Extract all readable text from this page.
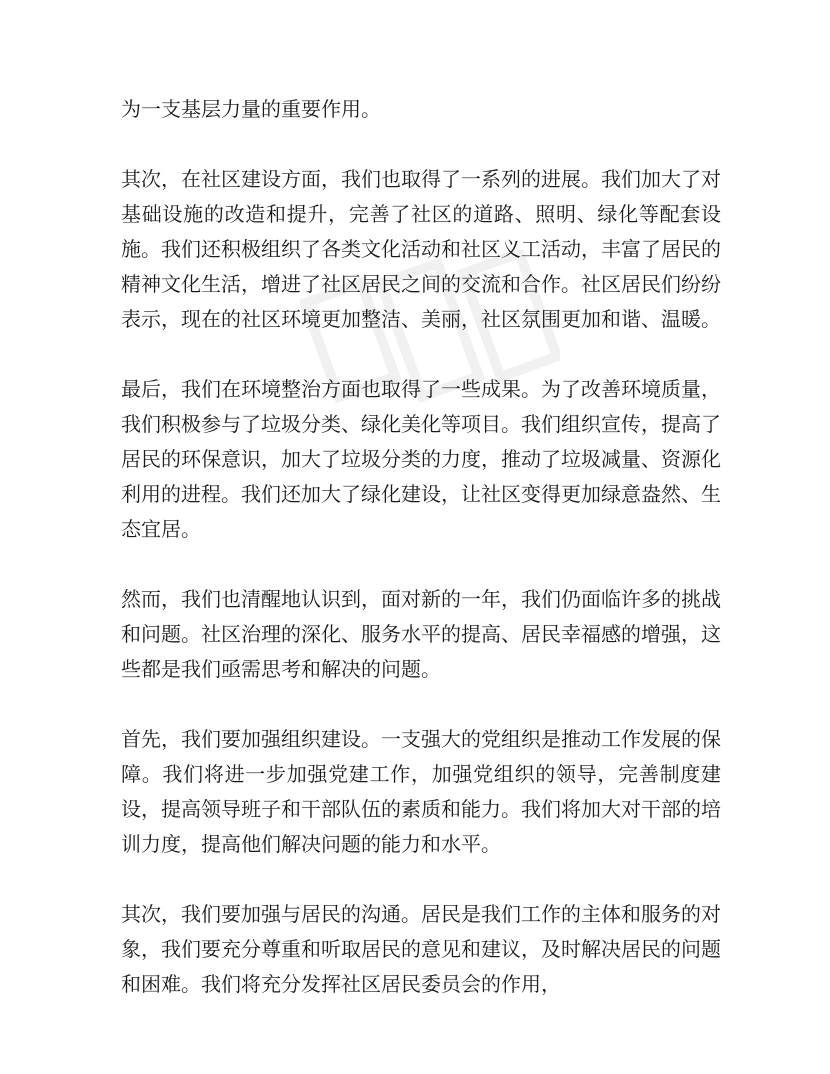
为一支基层力量的重要作用。

其次，在社区建设方面，我们也取得了一系列的进展。我们加大了对基础设施的改造和提升，完善了社区的道路、照明、绿化等配套设施。我们还积极组织了各类文化活动和社区义工活动，丰富了居民的精神文化生活，增进了社区居民之间的交流和合作。社区居民们纷纷表示，现在的社区环境更加整洁、美丽，社区氛围更加和谐、温暖。

最后，我们在环境整治方面也取得了一些成果。为了改善环境质量，我们积极参与了垃圾分类、绿化美化等项目。我们组织宣传，提高了居民的环保意识，加大了垃圾分类的力度，推动了垃圾减量、资源化利用的进程。我们还加大了绿化建设，让社区变得更加绿意盎然、生态宜居。

然而，我们也清醒地认识到，面对新的一年，我们仍面临许多的挑战和问题。社区治理的深化、服务水平的提高、居民幸福感的增强，这些都是我们亟需思考和解决的问题。

首先，我们要加强组织建设。一支强大的党组织是推动工作发展的保障。我们将进一步加强党建工作，加强党组织的领导，完善制度建设，提高领导班子和干部队伍的素质和能力。我们将加大对干部的培训力度，提高他们解决问题的能力和水平。

其次，我们要加强与居民的沟通。居民是我们工作的主体和服务的对象，我们要充分尊重和听取居民的意见和建议，及时解决居民的问题和困难。我们将充分发挥社区居民委员会的作用，
